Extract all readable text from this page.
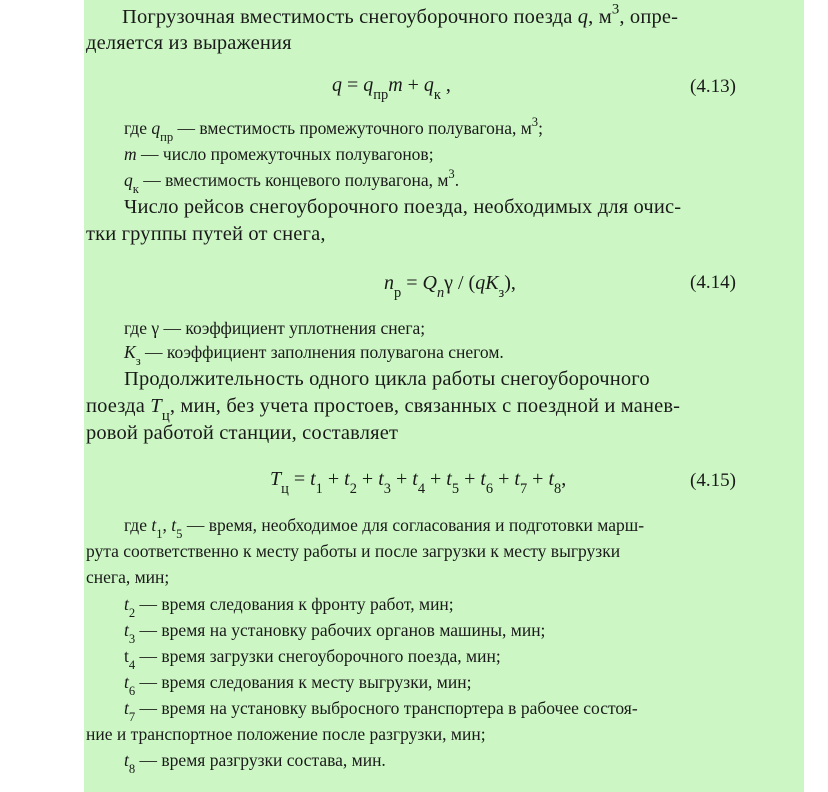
Погрузочная вместимость снегоуборочного поезда q, $м^3$, опре-
деляется из выражения
$q = q_{пр}m + q_к$ ,	(4.13)
где $q_{пр}$ — вместимость промежуточного полувагона, $м^3$;
m — число промежуточных полувагонов;
$q_к$ — вместимость концевого полувагона, $м^3$.
Число рейсов снегоуборочного поезда, необходимых для очис-
тки группы путей от снега,
$n_р = Q_n\gamma / (qK_з)$,	(4.14)
где γ — коэффициент уплотнения снега;
$K_з$ — коэффициент заполнения полувагона снегом.
Продолжительность одного цикла работы снегоуборочного
поезда $T_ц$, мин, без учета простоев, связанных с поездной и манев-
ровой работой станции, составляет
$T_ц = t_1 + t_2 + t_3 + t_4 + t_5 + t_6 + t_7 + t_8$,	(4.15)
где $t_1$, $t_5$ — время, необходимое для согласования и подготовки марш-
рута соответственно к месту работы и после загрузки к месту выгрузки
снега, мин;
$t_2$ — время следования к фронту работ, мин;
$t_3$ — время на установку рабочих органов машины, мин;
$t_4$ — время загрузки снегоуборочного поезда, мин;
$t_6$ — время следования к месту выгрузки, мин;
$t_7$ — время на установку выбросного транспортера в рабочее состоя-
ние и транспортное положение после разгрузки, мин;
$t_8$ — время разгрузки состава, мин.
